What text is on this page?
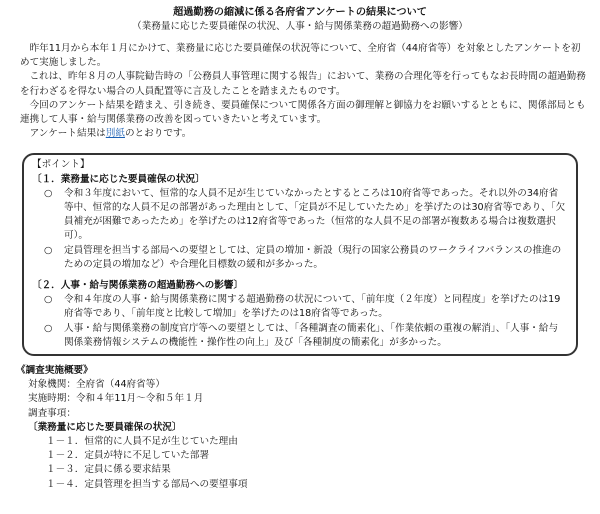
超過勤務の縮減に係る各府省アンケートの結果について

（業務量に応じた要員確保の状況、人事・給与関係業務の超過勤務への影響）

昨年11月から本年１月にかけて、業務量に応じた要員確保の状況等について、全府省（44府省等）を対象としたアンケートを初めて実施しました。

これは、昨年８月の人事院勧告時の「公務員人事管理に関する報告」において、業務の合理化等を行ってもなお長時間の超過勤務を行わざるを得ない場合の人員配置等に言及したことを踏まえたものです。

今回のアンケート結果を踏まえ、引き続き、要員確保について関係各方面の御理解と御協力をお願いするとともに、関係部局とも連携して人事・給与関係業務の改善を図っていきたいと考えています。

アンケート結果は別紙のとおりです。

【ポイント】

〔１．業務量に応じた要員確保の状況〕

○	令和３年度において、恒常的な人員不足が生じていなかったとするところは10府省等であった。それ以外の34府省等中、恒常的な人員不足の部署があった理由として、「定員が不足していたため」を挙げたのは30府省等であり、「欠員補充が困難であったため」を挙げたのは12府省等であった（恒常的な人員不足の部署が複数ある場合は複数選択可）。
○	定員管理を担当する部局への要望としては、定員の増加・新設（現行の国家公務員のワークライフバランスの推進のための定員の増加など）や合理化目標数の緩和が多かった。

〔２．人事・給与関係業務の超過勤務への影響〕

○	令和４年度の人事・給与関係業務に関する超過勤務の状況について、「前年度（２年度）と同程度」を挙げたのは19府省等であり、「前年度と比較して増加」を挙げたのは18府省等であった。
○	人事・給与関係業務の制度官庁等への要望としては、「各種調査の簡素化」、「作業依頼の重複の解消」、「人事・給与関係業務情報システムの機能性・操作性の向上」及び「各種制度の簡素化」が多かった。

《調査実施概要》

対象機関：全府省（44府省等）

実施時期：令和４年11月～令和５年１月

調査事項：

〔業務量に応じた要員確保の状況〕

１－１．恒常的に人員不足が生じていた理由

１－２．定員が特に不足していた部署

１－３．定員に係る要求結果

１－４．定員管理を担当する部局への要望事項
